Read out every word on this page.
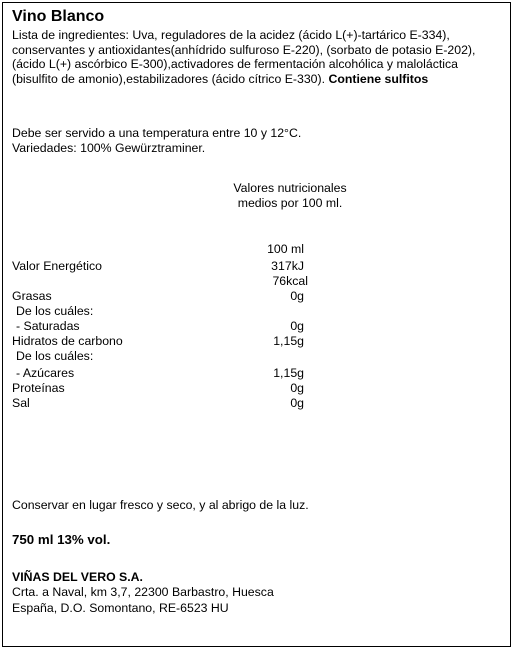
Vino Blanco
Lista de ingredientes: Uva, reguladores de la acidez (ácido L(+)-tartárico E-334), conservantes y antioxidantes(anhídrido sulfuroso E-220), (sorbato de potasio E-202), (ácido L(+) ascórbico E-300),activadores de fermentación alcohólica y maloláctica (bisulfito de amonio),estabilizadores (ácido cítrico E-330). Contiene sulfitos
Debe ser servido a una temperatura entre 10 y 12°C.
Variedades: 100% Gewürztraminer.
Valores nutricionales
medios por 100 ml.
100 ml
Valor Energético	317kJ
76kcal
Grasas	0g
De los cuáles:
- Saturadas	0g
Hidratos de carbono	1,15g
De los cuáles:
- Azúcares	1,15g
Proteínas	0g
Sal	0g
Conservar en lugar fresco y seco, y al abrigo de la luz.
750 ml 13% vol.
VIÑAS DEL VERO S.A.
Crta. a Naval, km 3,7, 22300 Barbastro, Huesca
España, D.O. Somontano, RE-6523 HU
